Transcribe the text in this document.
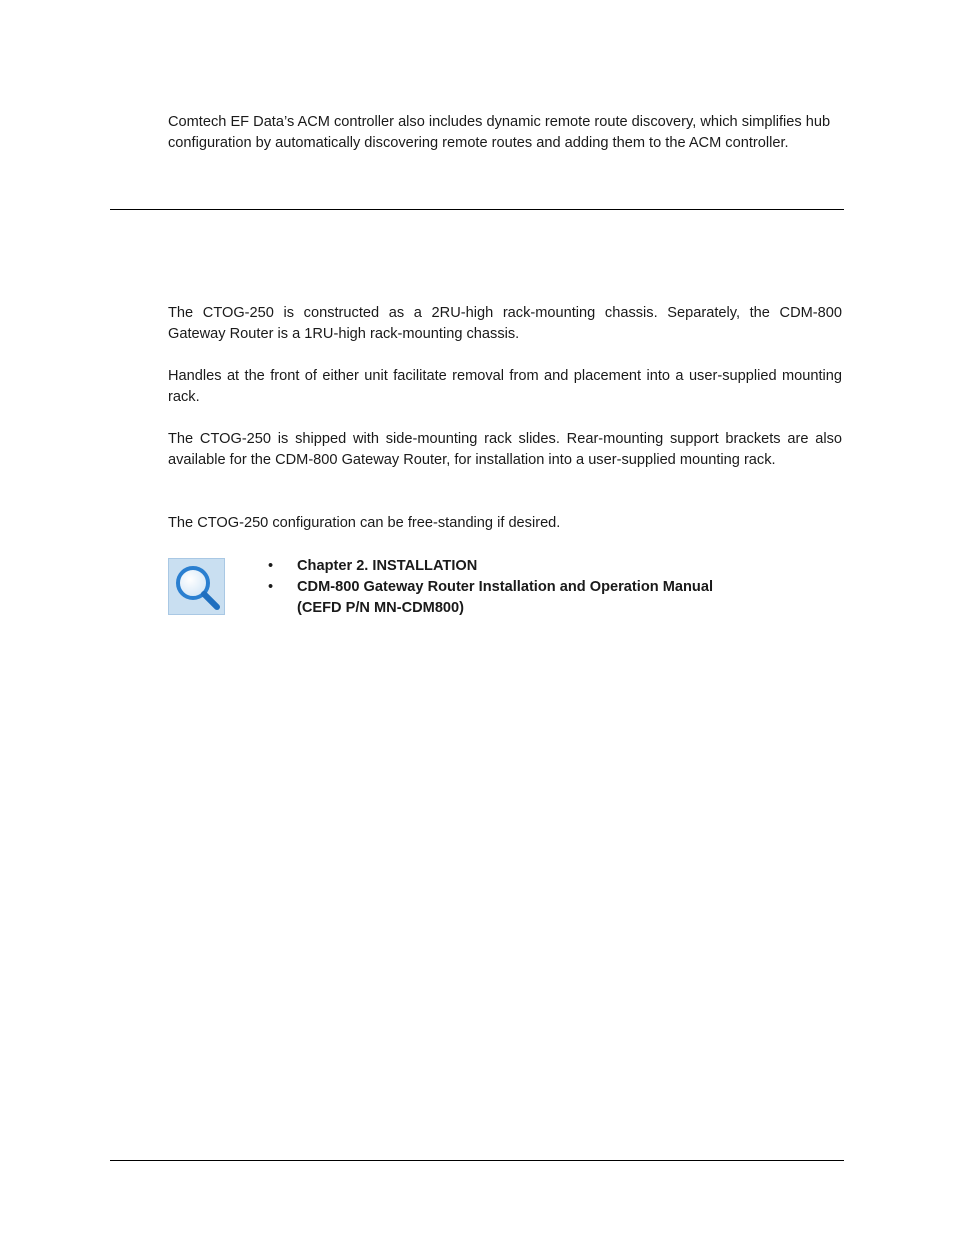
Comtech EF Data’s ACM controller also includes dynamic remote route discovery, which simplifies hub configuration by automatically discovering remote routes and adding them to the ACM controller.

The CTOG-250 is constructed as a 2RU-high rack-mounting chassis. Separately, the CDM-800 Gateway Router is a 1RU-high rack-mounting chassis.

Handles at the front of either unit facilitate removal from and placement into a user-supplied mounting rack.

The CTOG-250 is shipped with side-mounting rack slides. Rear-mounting support brackets are also available for the CDM-800 Gateway Router, for installation into a user-supplied mounting rack.

The CTOG-250 configuration can be free-standing if desired.

• Chapter 2. INSTALLATION
• CDM-800 Gateway Router Installation and Operation Manual
(CEFD P/N MN-CDM800)
